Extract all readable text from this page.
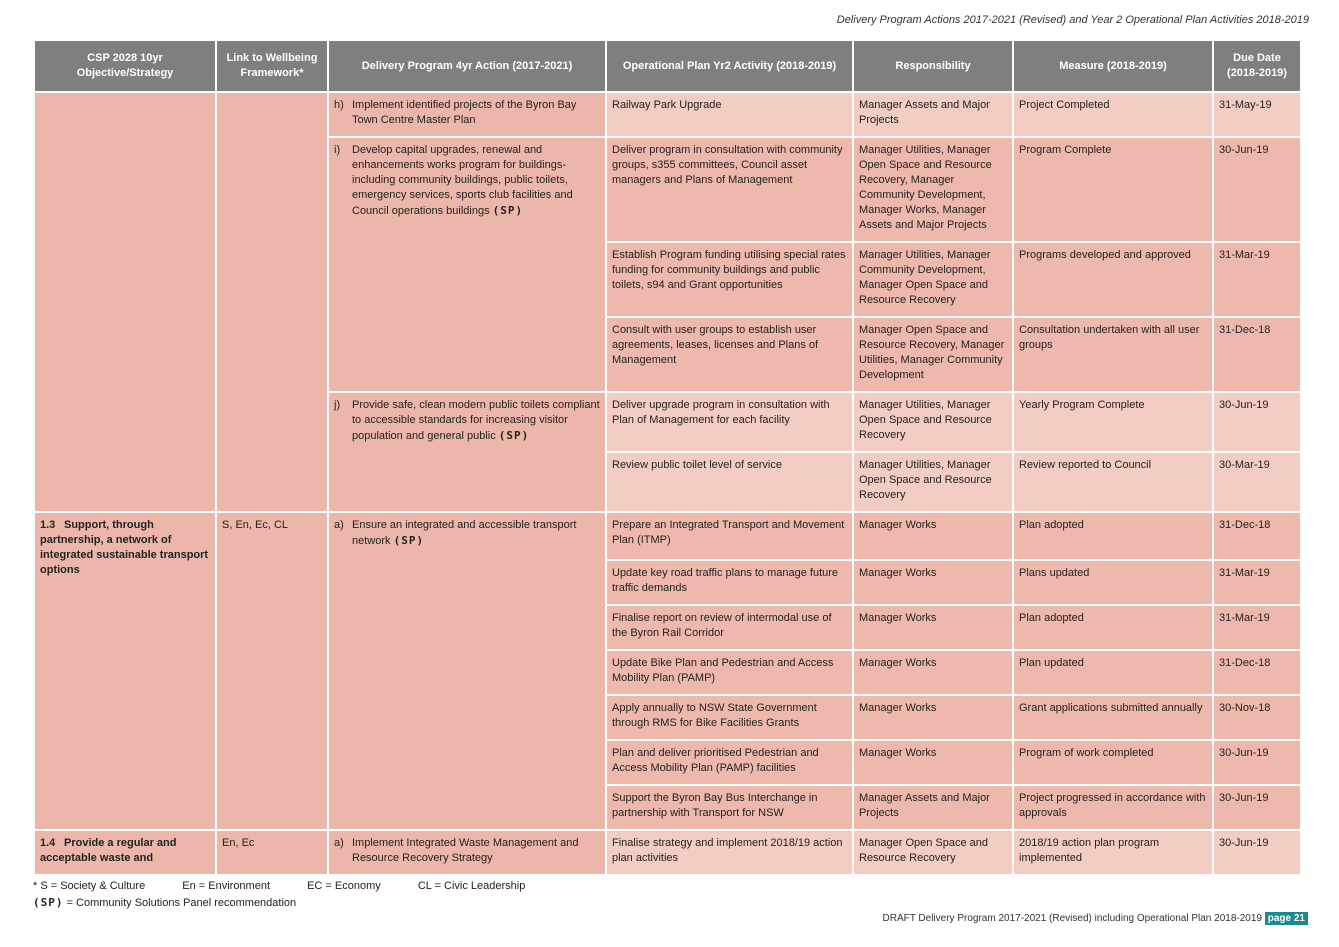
Delivery Program Actions 2017-2021 (Revised) and Year 2 Operational Plan Activities 2018-2019
CSP 2028 10yr Objective/Strategy	Link to Wellbeing Framework*	Delivery Program 4yr Action (2017-2021)	Operational Plan Yr2 Activity (2018-2019)	Responsibility	Measure (2018-2019)	Due Date (2018-2019)

		h) Implement identified projects of the Byron Bay Town Centre Master Plan	Railway Park Upgrade	Manager Assets and Major Projects	Project Completed	31-May-19

		i) Develop capital upgrades, renewal and enhancements works program for buildings- including community buildings, public toilets, emergency services, sports club facilities and Council operations buildings (SP)	Deliver program in consultation with community groups, s355 committees, Council asset managers and Plans of Management	Manager Utilities, Manager Open Space and Resource Recovery, Manager Community Development, Manager Works, Manager Assets and Major Projects	Program Complete	30-Jun-19
			Establish Program funding utilising special rates funding for community buildings and public toilets, s94 and Grant opportunities	Manager Utilities, Manager Community Development, Manager Open Space and Resource Recovery	Programs developed and approved	31-Mar-19
			Consult with user groups to establish user agreements, leases, licenses and Plans of Management	Manager Open Space and Resource Recovery, Manager Utilities, Manager Community Development	Consultation undertaken with all user groups	31-Dec-18

		j) Provide safe, clean modern public toilets compliant to accessible standards for increasing visitor population and general public (SP)	Deliver upgrade program in consultation with Plan of Management for each facility	Manager Utilities, Manager Open Space and Resource Recovery	Yearly Program Complete	30-Jun-19
			Review public toilet level of service	Manager Utilities, Manager Open Space and Resource Recovery	Review reported to Council	30-Mar-19
1.3 Support, through partnership, a network of integrated sustainable transport options	S, En, Ec, CL	a) Ensure an integrated and accessible transport network (SP)	Prepare an Integrated Transport and Movement Plan (ITMP)	Manager Works	Plan adopted	31-Dec-18
			Update key road traffic plans to manage future traffic demands	Manager Works	Plans updated	31-Mar-19
			Finalise report on review of intermodal use of the Byron Rail Corridor	Manager Works	Plan adopted	31-Mar-19
			Update Bike Plan and Pedestrian and Access Mobility Plan (PAMP)	Manager Works	Plan updated	31-Dec-18
			Apply annually to NSW State Government through RMS for Bike Facilities Grants	Manager Works	Grant applications submitted annually	30-Nov-18
			Plan and deliver prioritised Pedestrian and Access Mobility Plan (PAMP) facilities	Manager Works	Program of work completed	30-Jun-19
			Support the Byron Bay Bus Interchange in partnership with Transport for NSW	Manager Assets and Major Projects	Project progressed in accordance with approvals	30-Jun-19
1.4 Provide a regular and acceptable waste and	En, Ec	a) Implement Integrated Waste Management and Resource Recovery Strategy	Finalise strategy and implement 2018/19 action plan activities	Manager Open Space and Resource Recovery	2018/19 action plan program implemented	30-Jun-19
* S = Society & Culture	En = Environment	EC = Economy	CL = Civic Leadership
(SP) = Community Solutions Panel recommendation
DRAFT Delivery Program 2017-2021 (Revised) including Operational Plan 2018-2019 page 21
